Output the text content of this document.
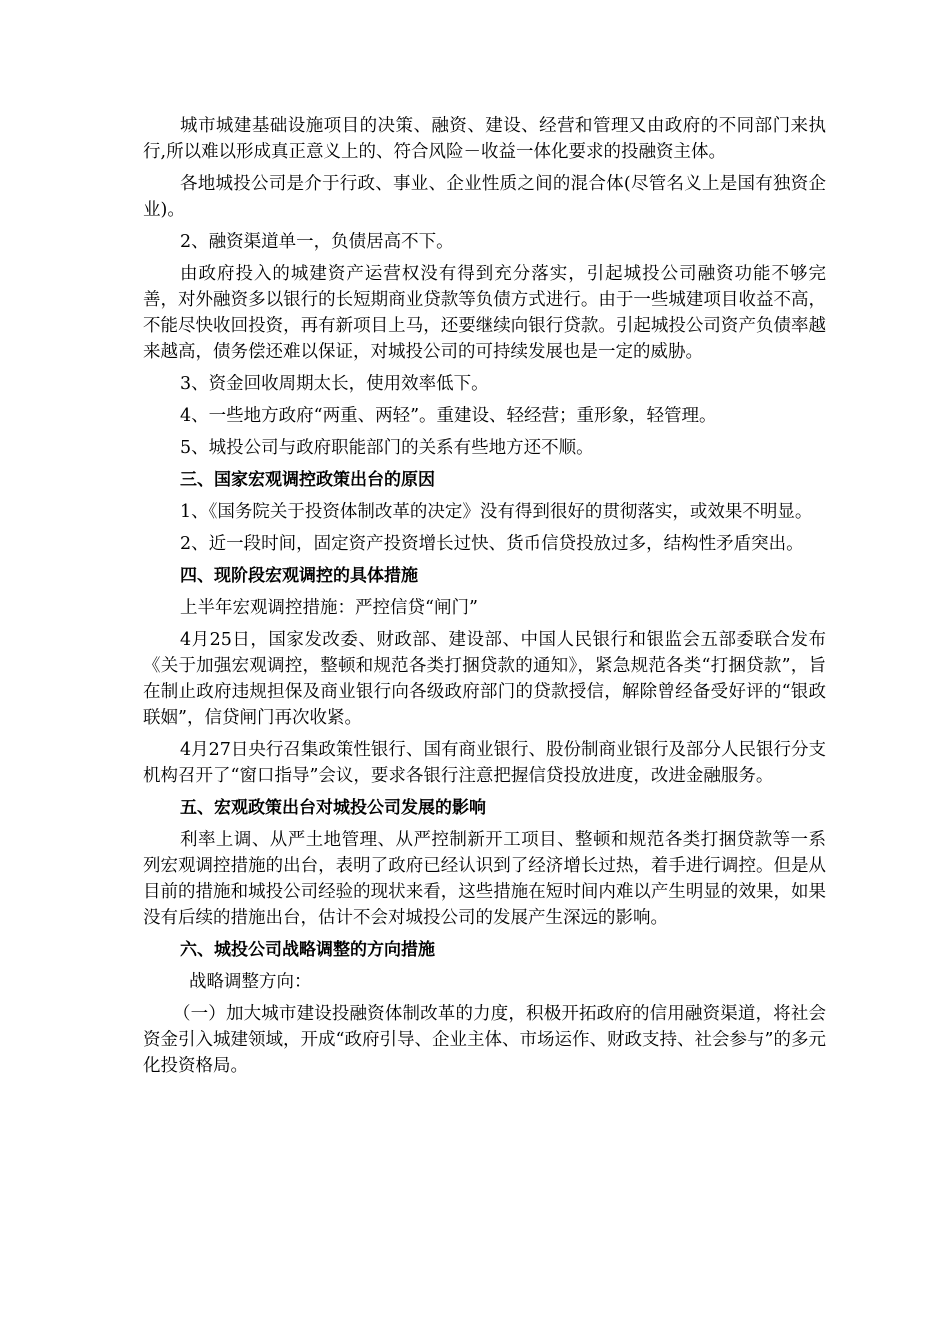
城市城建基础设施项目的决策、融资、建设、经营和管理又由政府的不同部门来执行,所以难以形成真正意义上的、符合风险－收益一体化要求的投融资主体。

各地城投公司是介于行政、事业、企业性质之间的混合体(尽管名义上是国有独资企业)。

2、融资渠道单一，负债居高不下。

由政府投入的城建资产运营权没有得到充分落实，引起城投公司融资功能不够完善，对外融资多以银行的长短期商业贷款等负债方式进行。由于一些城建项目收益不高，不能尽快收回投资，再有新项目上马，还要继续向银行贷款。引起城投公司资产负债率越来越高，债务偿还难以保证，对城投公司的可持续发展也是一定的威胁。

3、资金回收周期太长，使用效率低下。

4、一些地方政府“两重、两轻”。重建设、轻经营；重形象，轻管理。

5、城投公司与政府职能部门的关系有些地方还不顺。

三、国家宏观调控政策出台的原因

1、《国务院关于投资体制改革的决定》没有得到很好的贯彻落实，或效果不明显。

2、近一段时间，固定资产投资增长过快、货币信贷投放过多，结构性矛盾突出。

四、现阶段宏观调控的具体措施

上半年宏观调控措施：严控信贷“闸门”

4月25日，国家发改委、财政部、建设部、中国人民银行和银监会五部委联合发布《关于加强宏观调控，整顿和规范各类打捆贷款的通知》，紧急规范各类“打捆贷款”，旨在制止政府违规担保及商业银行向各级政府部门的贷款授信，解除曾经备受好评的“银政联姻”，信贷闸门再次收紧。

4月27日央行召集政策性银行、国有商业银行、股份制商业银行及部分人民银行分支机构召开了“窗口指导”会议，要求各银行注意把握信贷投放进度，改进金融服务。

五、宏观政策出台对城投公司发展的影响

利率上调、从严土地管理、从严控制新开工项目、整顿和规范各类打捆贷款等一系列宏观调控措施的出台，表明了政府已经认识到了经济增长过热，着手进行调控。但是从目前的措施和城投公司经验的现状来看，这些措施在短时间内难以产生明显的效果，如果没有后续的措施出台，估计不会对城投公司的发展产生深远的影响。

六、城投公司战略调整的方向措施

战略调整方向：

（一）加大城市建设投融资体制改革的力度，积极开拓政府的信用融资渠道，将社会资金引入城建领域，开成“政府引导、企业主体、市场运作、财政支持、社会参与”的多元化投资格局。
